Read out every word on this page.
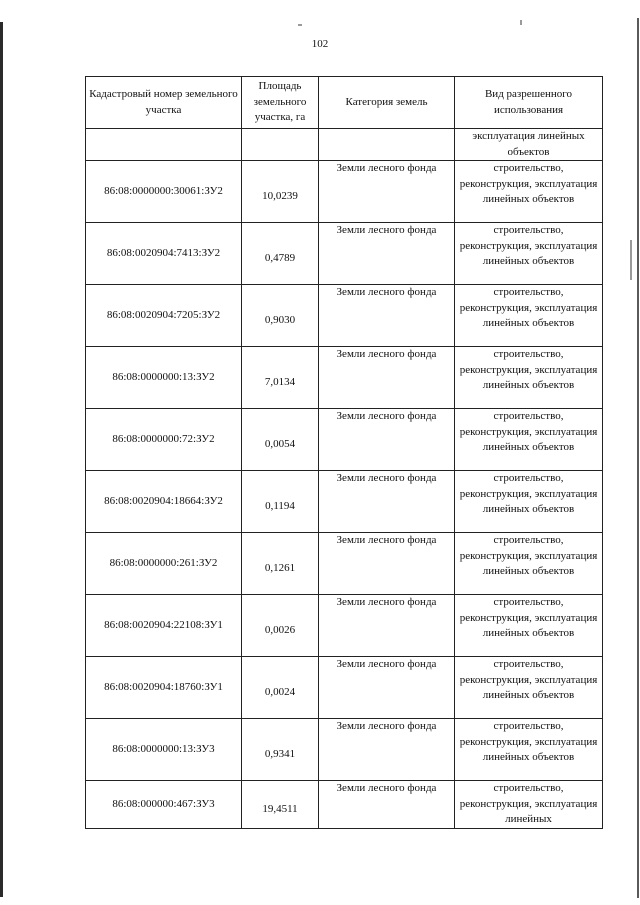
102
Кадастровый номер земельного участка	Площадь земельного участка, га	Категория земель	Вид разрешенного использования
			эксплуатация линейных объектов
86:08:0000000:30061:ЗУ2	10,0239	Земли лесного фонда	строительство, реконструкция, эксплуатация линейных объектов
86:08:0020904:7413:ЗУ2	0,4789	Земли лесного фонда	строительство, реконструкция, эксплуатация линейных объектов
86:08:0020904:7205:ЗУ2	0,9030	Земли лесного фонда	строительство, реконструкция, эксплуатация линейных объектов
86:08:0000000:13:ЗУ2	7,0134	Земли лесного фонда	строительство, реконструкция, эксплуатация линейных объектов
86:08:0000000:72:ЗУ2	0,0054	Земли лесного фонда	строительство, реконструкция, эксплуатация линейных объектов
86:08:0020904:18664:ЗУ2	0,1194	Земли лесного фонда	строительство, реконструкция, эксплуатация линейных объектов
86:08:0000000:261:ЗУ2	0,1261	Земли лесного фонда	строительство, реконструкция, эксплуатация линейных объектов
86:08:0020904:22108:ЗУ1	0,0026	Земли лесного фонда	строительство, реконструкция, эксплуатация линейных объектов
86:08:0020904:18760:ЗУ1	0,0024	Земли лесного фонда	строительство, реконструкция, эксплуатация линейных объектов
86:08:0000000:13:ЗУ3	0,9341	Земли лесного фонда	строительство, реконструкция, эксплуатация линейных объектов
86:08:000000:467:ЗУ3	19,4511	Земли лесного фонда	строительство, реконструкция, эксплуатация линейных
